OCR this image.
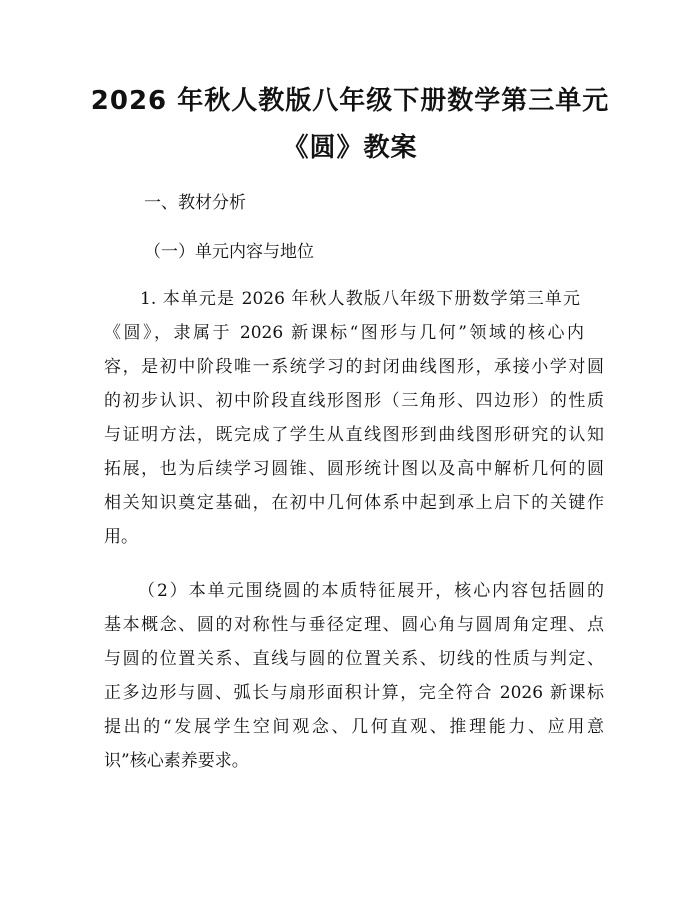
2026 年秋人教版八年级下册数学第三单元
《圆》教案
一、教材分析
（一）单元内容与地位
1. 本单元是 2026 年秋人教版八年级下册数学第三单元
《圆》，隶属于 2026 新课标“图形与几何”领域的核心内
容，是初中阶段唯一系统学习的封闭曲线图形，承接小学对圆
的初步认识、初中阶段直线形图形（三角形、四边形）的性质
与证明方法，既完成了学生从直线图形到曲线图形研究的认知
拓展，也为后续学习圆锥、圆形统计图以及高中解析几何的圆
相关知识奠定基础，在初中几何体系中起到承上启下的关键作
用。
（2）本单元围绕圆的本质特征展开，核心内容包括圆的
基本概念、圆的对称性与垂径定理、圆心角与圆周角定理、点
与圆的位置关系、直线与圆的位置关系、切线的性质与判定、
正多边形与圆、弧长与扇形面积计算，完全符合 2026 新课标
提出的“发展学生空间观念、几何直观、推理能力、应用意
识”核心素养要求。
